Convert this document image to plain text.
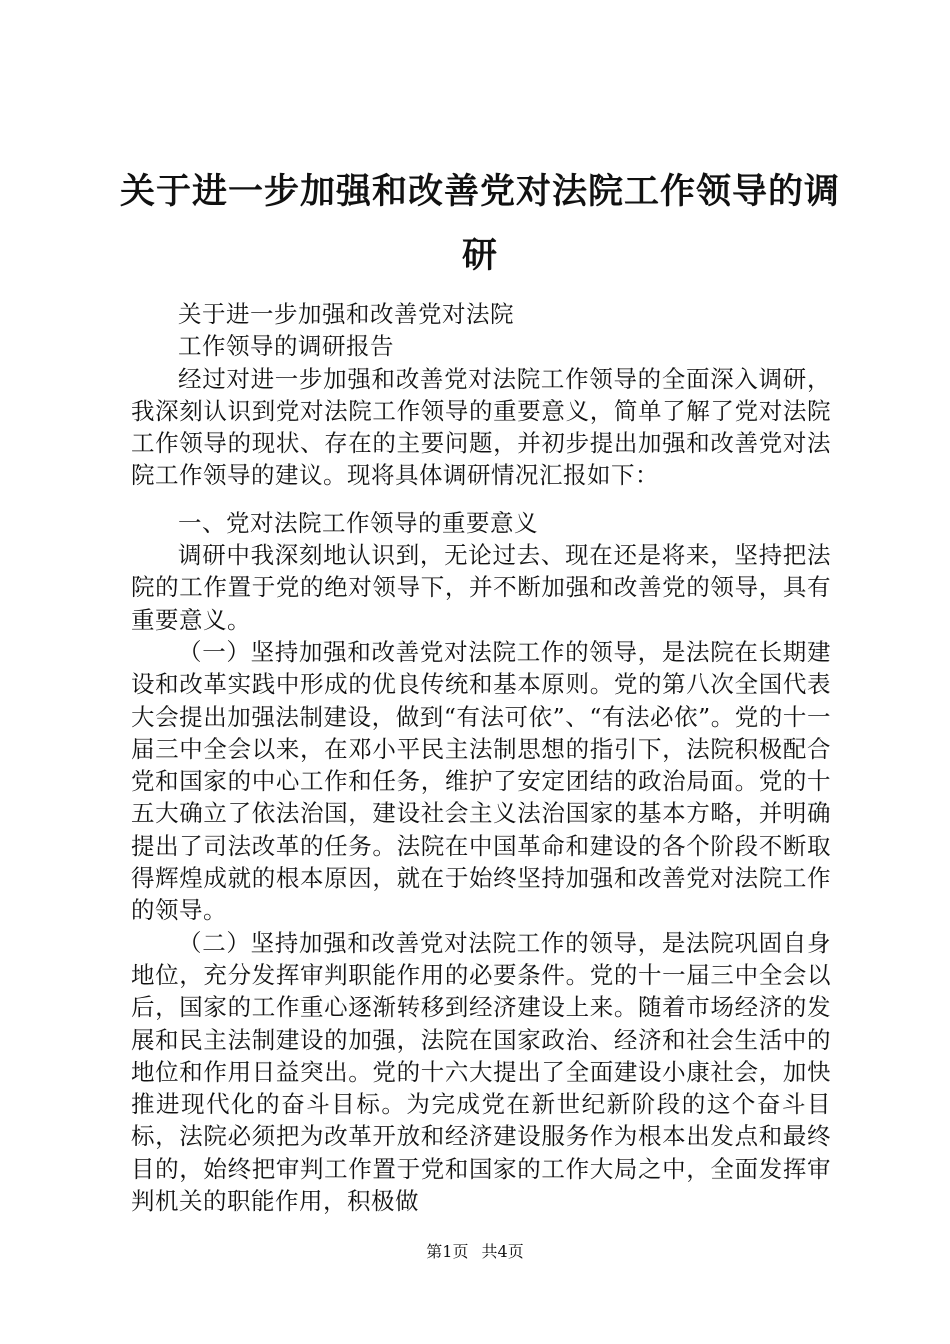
关于进一步加强和改善党对法院工作领导的调研

关于进一步加强和改善党对法院

工作领导的调研报告

经过对进一步加强和改善党对法院工作领导的全面深入调研，我深刻认识到党对法院工作领导的重要意义，简单了解了党对法院工作领导的现状、存在的主要问题，并初步提出加强和改善党对法院工作领导的建议。现将具体调研情况汇报如下：

一、党对法院工作领导的重要意义

调研中我深刻地认识到，无论过去、现在还是将来，坚持把法院的工作置于党的绝对领导下，并不断加强和改善党的领导，具有重要意义。

（一）坚持加强和改善党对法院工作的领导，是法院在长期建设和改革实践中形成的优良传统和基本原则。党的第八次全国代表大会提出加强法制建设，做到“有法可依”、“有法必依”。党的十一届三中全会以来，在邓小平民主法制思想的指引下，法院积极配合党和国家的中心工作和任务，维护了安定团结的政治局面。党的十五大确立了依法治国，建设社会主义法治国家的基本方略，并明确提出了司法改革的任务。法院在中国革命和建设的各个阶段不断取得辉煌成就的根本原因，就在于始终坚持加强和改善党对法院工作的领导。

（二）坚持加强和改善党对法院工作的领导，是法院巩固自身地位，充分发挥审判职能作用的必要条件。党的十一届三中全会以后，国家的工作重心逐渐转移到经济建设上来。随着市场经济的发展和民主法制建设的加强，法院在国家政治、经济和社会生活中的地位和作用日益突出。党的十六大提出了全面建设小康社会，加快推进现代化的奋斗目标。为完成党在新世纪新阶段的这个奋斗目标，法院必须把为改革开放和经济建设服务作为根本出发点和最终目的，始终把审判工作置于党和国家的工作大局之中，全面发挥审判机关的职能作用，积极做

第1页 共4页
